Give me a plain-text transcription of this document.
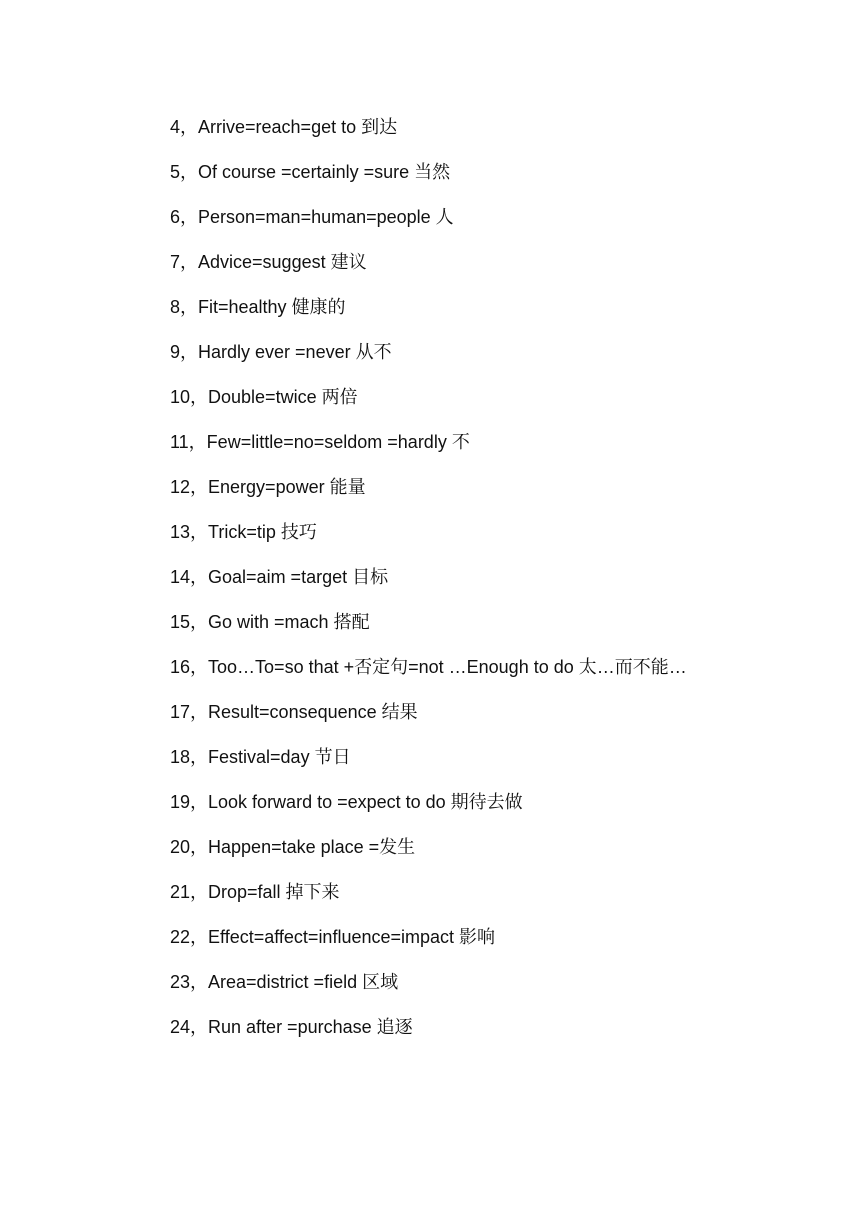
4，Arrive=reach=get to 到达
5，Of course =certainly =sure 当然
6，Person=man=human=people 人
7，Advice=suggest 建议
8，Fit=healthy 健康的
9，Hardly ever =never 从不
10，Double=twice 两倍
11，Few=little=no=seldom =hardly 不
12，Energy=power 能量
13，Trick=tip 技巧
14，Goal=aim =target 目标
15，Go with =mach 搭配
16，Too…To=so that +否定句=not …Enough to do 太…而不能…
17，Result=consequence 结果
18，Festival=day 节日
19，Look forward to =expect to do 期待去做
20，Happen=take place =发生
21，Drop=fall 掉下来
22，Effect=affect=influence=impact 影响
23，Area=district =field 区域
24，Run after =purchase 追逐
